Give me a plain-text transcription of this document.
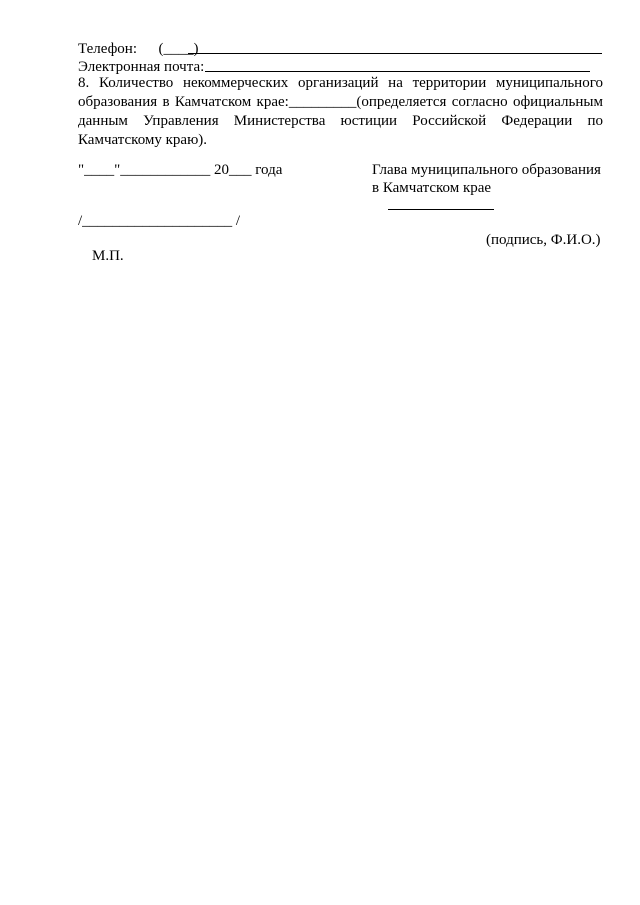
Телефон: (____)
Электронная почта:
8. Количество некоммерческих организаций на территории муниципального
образования в Камчатском крае:_________(определяется согласно официальным
данным Управления Министерства юстиции Российской Федерации по
Камчатскому краю).
"____"____________ 20___ года	Глава муниципального образования
в Камчатском крае
/____________________ /
(подпись, Ф.И.О.)
М.П.
